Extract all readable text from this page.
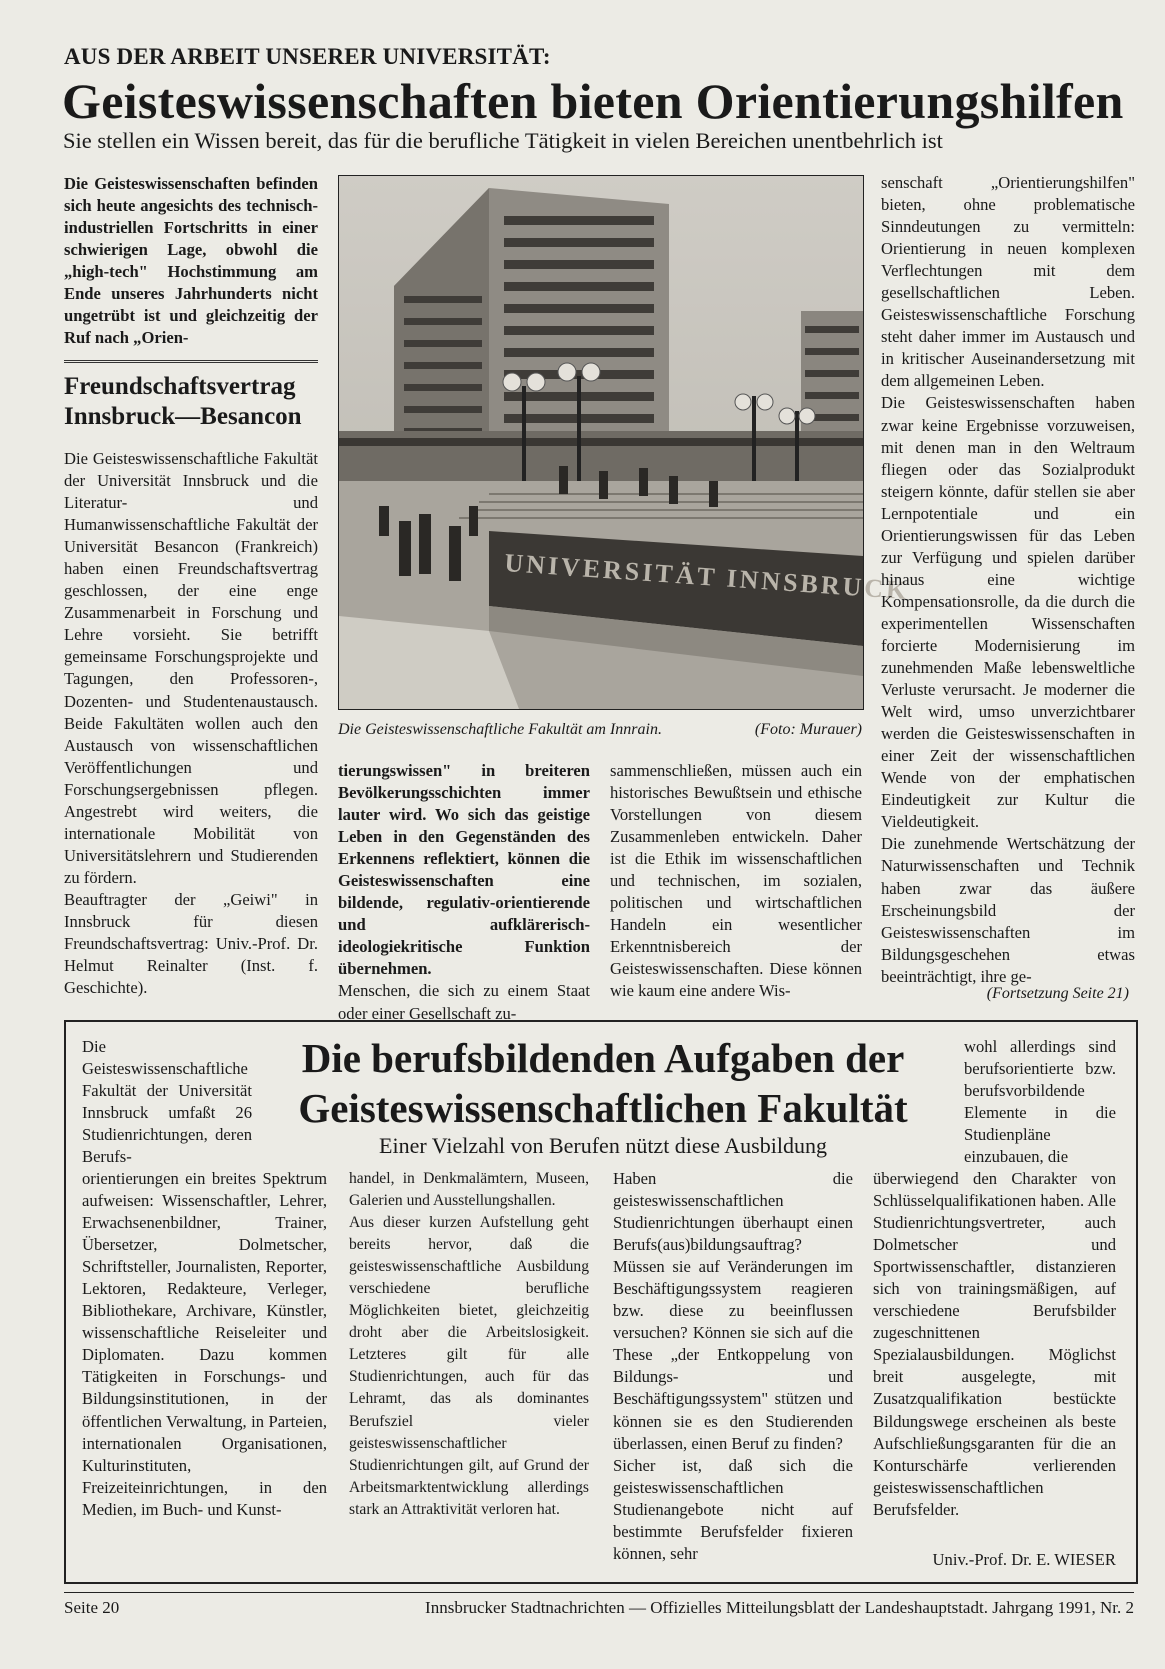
AUS DER ARBEIT UNSERER UNIVERSITÄT:
Geisteswissenschaften bieten Orientierungshilfen
Sie stellen ein Wissen bereit, das für die berufliche Tätigkeit in vielen Bereichen unentbehrlich ist

Die Geisteswissenschaften befinden sich heute angesichts des technisch-industriellen Fortschritts in einer schwierigen Lage, obwohl die „high-tech" Hochstimmung am Ende unseres Jahrhunderts nicht ungetrübt ist und gleichzeitig der Ruf nach „Orien-

Freundschaftsvertrag
Innsbruck—Besancon

Die Geisteswissenschaftliche Fakultät der Universität Innsbruck und die Literatur- und Humanwissenschaftliche Fakultät der Universität Besancon (Frankreich) haben einen Freundschaftsvertrag geschlossen, der eine enge Zusammenarbeit in Forschung und Lehre vorsieht. Sie betrifft gemeinsame Forschungsprojekte und Tagungen, den Professoren-, Dozenten- und Studentenaustausch. Beide Fakultäten wollen auch den Austausch von wissenschaftlichen Veröffentlichungen und Forschungsergebnissen pflegen. Angestrebt wird weiters, die internationale Mobilität von Universitätslehrern und Studierenden zu fördern.

Beauftragter der „Geiwi" in Innsbruck für diesen Freundschaftsvertrag: Univ.-Prof. Dr. Helmut Reinalter (Inst. f. Geschichte).

UNIVERSITÄT INNSBRUCK
Die Geisteswissenschaftliche Fakultät am Innrain.	(Foto: Murauer)

tierungswissen" in breiteren Bevölkerungsschichten immer lauter wird. Wo sich das geistige Leben in den Gegenständen des Erkennens reflektiert, können die Geisteswissenschaften eine bildende, regulativ-orientierende und aufklärerisch-ideologiekritische Funktion übernehmen.

Menschen, die sich zu einem Staat oder einer Gesellschaft zu-

sammenschließen, müssen auch ein historisches Bewußtsein und ethische Vorstellungen von diesem Zusammenleben entwickeln. Daher ist die Ethik im wissenschaftlichen und technischen, im sozialen, politischen und wirtschaftlichen Handeln ein wesentlicher Erkenntnisbereich der Geisteswissenschaften. Diese können wie kaum eine andere Wis-

senschaft „Orientierungshilfen" bieten, ohne problematische Sinndeutungen zu vermitteln: Orientierung in neuen komplexen Verflechtungen mit dem gesellschaftlichen Leben. Geisteswissenschaftliche Forschung steht daher immer im Austausch und in kritischer Auseinandersetzung mit dem allgemeinen Leben.

Die Geisteswissenschaften haben zwar keine Ergebnisse vorzuweisen, mit denen man in den Weltraum fliegen oder das Sozialprodukt steigern könnte, dafür stellen sie aber Lernpotentiale und ein Orientierungswissen für das Leben zur Verfügung und spielen darüber hinaus eine wichtige Kompensationsrolle, da die durch die experimentellen Wissenschaften forcierte Modernisierung im zunehmenden Maße lebensweltliche Verluste verursacht. Je moderner die Welt wird, umso unverzichtbarer werden die Geisteswissenschaften in einer Zeit der wissenschaftlichen Wende von der emphatischen Eindeutigkeit zur Kultur die Vieldeutigkeit.

Die zunehmende Wertschätzung der Naturwissenschaften und Technik haben zwar das äußere Erscheinungsbild der Geisteswissenschaften im Bildungsgeschehen etwas beeinträchtigt, ihre ge-

(Fortsetzung Seite 21)
Die berufsbildenden Aufgaben der
Geisteswissenschaftlichen Fakultät
Einer Vielzahl von Berufen nützt diese Ausbildung
Die Geisteswissenschaftliche Fakultät der Universität Innsbruck umfaßt 26 Studienrichtungen, deren Berufs-
orientierungen ein breites Spektrum aufweisen: Wissenschaftler, Lehrer, Erwachsenenbildner, Trainer, Übersetzer, Dolmetscher, Schriftsteller, Journalisten, Reporter, Lektoren, Redakteure, Verleger, Bibliothekare, Archivare, Künstler, wissenschaftliche Reiseleiter und Diplomaten. Dazu kommen Tätigkeiten in Forschungs- und Bildungsinstitutionen, in der öffentlichen Verwaltung, in Parteien, internationalen Organisationen, Kulturinstituten, Freizeiteinrichtungen, in den Medien, im Buch- und Kunst-
handel, in Denkmalämtern, Museen, Galerien und Ausstellungshallen.
Aus dieser kurzen Aufstellung geht bereits hervor, daß die geisteswissenschaftliche Ausbildung verschiedene berufliche Möglichkeiten bietet, gleichzeitig droht aber die Arbeitslosigkeit. Letzteres gilt für alle Studienrichtungen, auch für das Lehramt, das als dominantes Berufsziel vieler geisteswissenschaftlicher Studienrichtungen gilt, auf Grund der Arbeitsmarktentwicklung allerdings stark an Attraktivität verloren hat.
Haben die geisteswissenschaftlichen Studienrichtungen überhaupt einen Berufs(aus)bildungsauftrag? Müssen sie auf Veränderungen im Beschäftigungssystem reagieren bzw. diese zu beeinflussen versuchen? Können sie sich auf die These „der Entkoppelung von Bildungs- und Beschäftigungssystem" stützen und können sie es den Studierenden überlassen, einen Beruf zu finden?
Sicher ist, daß sich die geisteswissenschaftlichen Studienangebote nicht auf bestimmte Berufsfelder fixieren können, sehr
wohl allerdings sind berufsorientierte bzw. berufsvorbildende Elemente in die Studienpläne einzubauen, die
überwiegend den Charakter von Schlüsselqualifikationen haben. Alle Studienrichtungsvertreter, auch Dolmetscher und Sportwissenschaftler, distanzieren sich von trainingsmäßigen, auf verschiedene Berufsbilder zugeschnittenen Spezialausbildungen. Möglichst breit ausgelegte, mit Zusatzqualifikation bestückte Bildungswege erscheinen als beste Aufschließungsgaranten für die an Konturschärfe verlierenden geisteswissenschaftlichen Berufsfelder.
Univ.-Prof. Dr. E. WIESER
Seite 20	Innsbrucker Stadtnachrichten — Offizielles Mitteilungsblatt der Landeshauptstadt. Jahrgang 1991, Nr. 2
